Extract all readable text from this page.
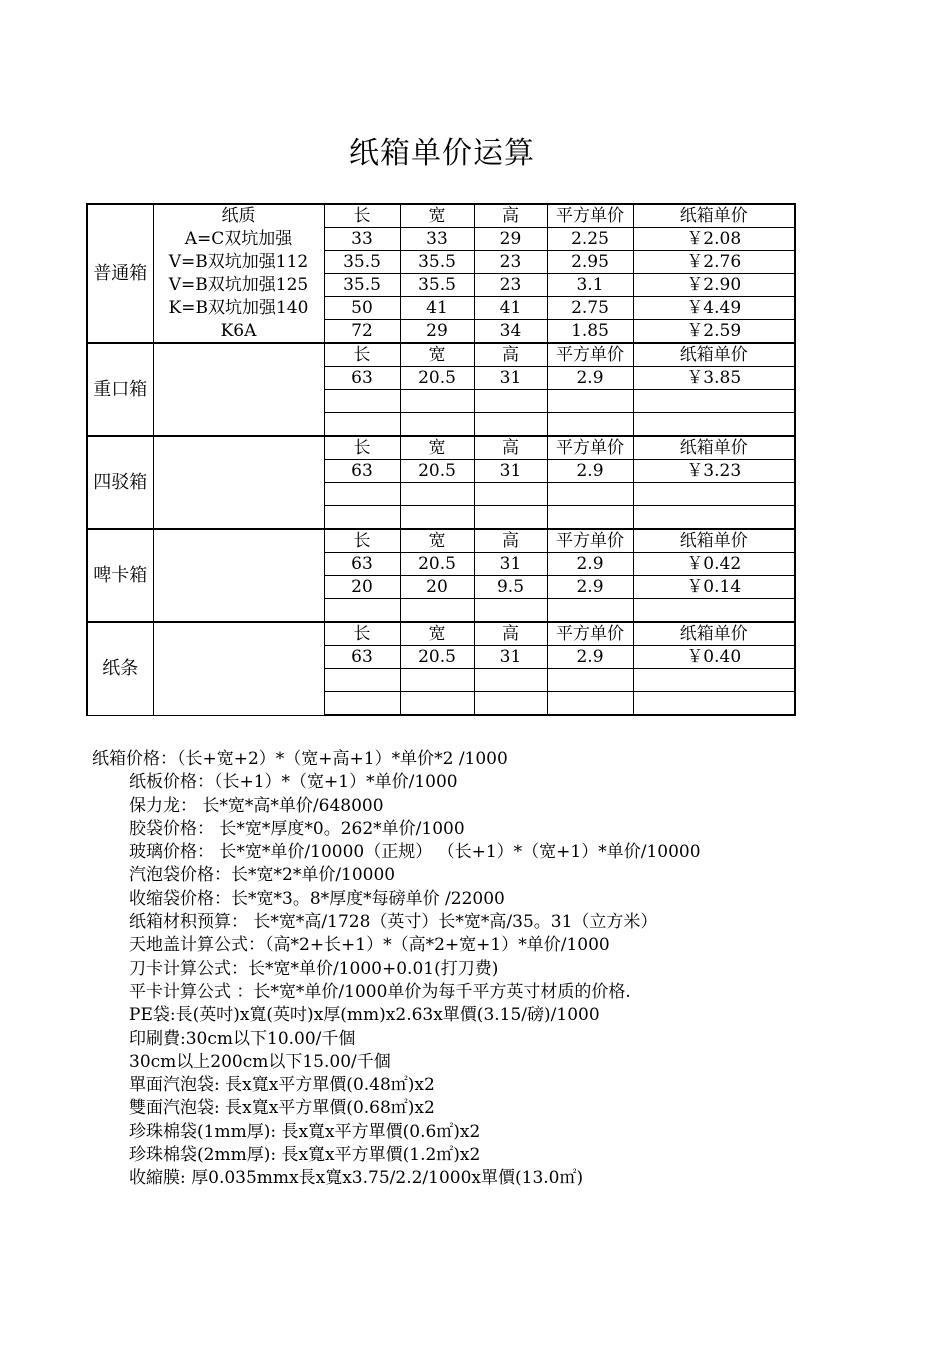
纸箱单价运算
普通箱	纸质	长	宽	高	平方单价	纸箱单价
	A=C双坑加强	33	33	29	2.25	￥2.08
	V=B双坑加强112	35.5	35.5	23	2.95	￥2.76
	V=B双坑加强125	35.5	35.5	23	3.1	￥2.90
	K=B双坑加强140	50	41	41	2.75	￥4.49
	K6A	72	29	34	1.85	￥2.59
重口箱		长	宽	高	平方单价	纸箱单价
		63	20.5	31	2.9	￥3.85

四驳箱		长	宽	高	平方单价	纸箱单价
		63	20.5	31	2.9	￥3.23

啤卡箱		长	宽	高	平方单价	纸箱单价
		63	20.5	31	2.9	￥0.42
		20	20	9.5	2.9	￥0.14

纸条		长	宽	高	平方单价	纸箱单价
		63	20.5	31	2.9	￥0.40

纸箱价格：（长+宽+2）*（宽+高+1）*单价*2 /1000
纸板价格：（长+1）*（宽+1）*单价/1000
保力龙： 长*宽*高*单价/648000
胶袋价格： 长*宽*厚度*0。262*单价/1000
玻璃价格： 长*宽*单价/10000（正规） （长+1）*（宽+1）*单价/10000
汽泡袋价格：长*宽*2*单价/10000
收缩袋价格：长*宽*3。8*厚度*每磅单价 /22000
纸箱材积预算： 长*宽*高/1728（英寸）长*宽*高/35。31（立方米）
天地盖计算公式：（高*2+长+1）*（高*2+宽+1）*单价/1000
刀卡计算公式：长*宽*单价/1000+0.01(打刀费)
平卡计算公式 ：长*宽*单价/1000单价为每千平方英寸材质的价格.
PE袋:長(英吋)x寬(英吋)x厚(mm)x2.63x單價(3.15/磅)/1000
印刷費:30cm以下10.00/千個
30cm以上200cm以下15.00/千個
單面汽泡袋: 長x寬x平方單價(0.48㎡)x2
雙面汽泡袋: 長x寬x平方單價(0.68㎡)x2
珍珠棉袋(1mm厚): 長x寬x平方單價(0.6㎡)x2
珍珠棉袋(2mm厚): 長x寬x平方單價(1.2㎡)x2
收縮膜: 厚0.035mmx長x寬x3.75/2.2/1000x單價(13.0㎡)
